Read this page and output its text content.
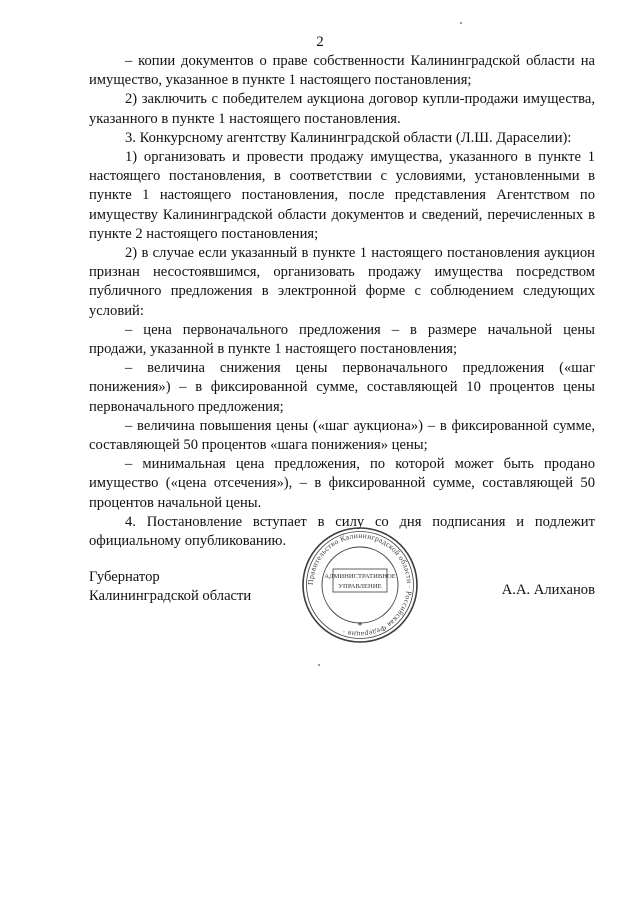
2

– копии документов о праве собственности Калининградской области на имущество, указанное в пункте 1 настоящего постановления;

2) заключить с победителем аукциона договор купли-продажи имущества, указанного в пункте 1 настоящего постановления.

3. Конкурсному агентству Калининградской области (Л.Ш. Дараселии):

1) организовать и провести продажу имущества, указанного в пункте 1 настоящего постановления, в соответствии с условиями, установленными в пункте 1 настоящего постановления, после представления Агентством по имуществу Калининградской области документов и сведений, перечисленных в пункте 2 настоящего постановления;

2) в случае если указанный в пункте 1 настоящего постановления аукцион признан несостоявшимся, организовать продажу имущества посредством публичного предложения в электронной форме с соблюдением следующих условий:

– цена первоначального предложения – в размере начальной цены продажи, указанной в пункте 1 настоящего постановления;

– величина снижения цены первоначального предложения («шаг понижения») – в фиксированной сумме, составляющей 10 процентов цены первоначального предложения;

– величина повышения цены («шаг аукциона») – в фиксированной сумме, составляющей 50 процентов «шага понижения» цены;

– минимальная цена предложения, по которой может быть продано имущество («цена отсечения»), – в фиксированной сумме, составляющей 50 процентов начальной цены.

4. Постановление вступает в силу со дня подписания и подлежит официальному опубликованию.

Губернатор
Калининградской области
Правительство Калининградской области · Российская Федерация ·
АДМИНИСТРАТИВНОЕ
УПРАВЛЕНИЕ
*
А.А. Алиханов
